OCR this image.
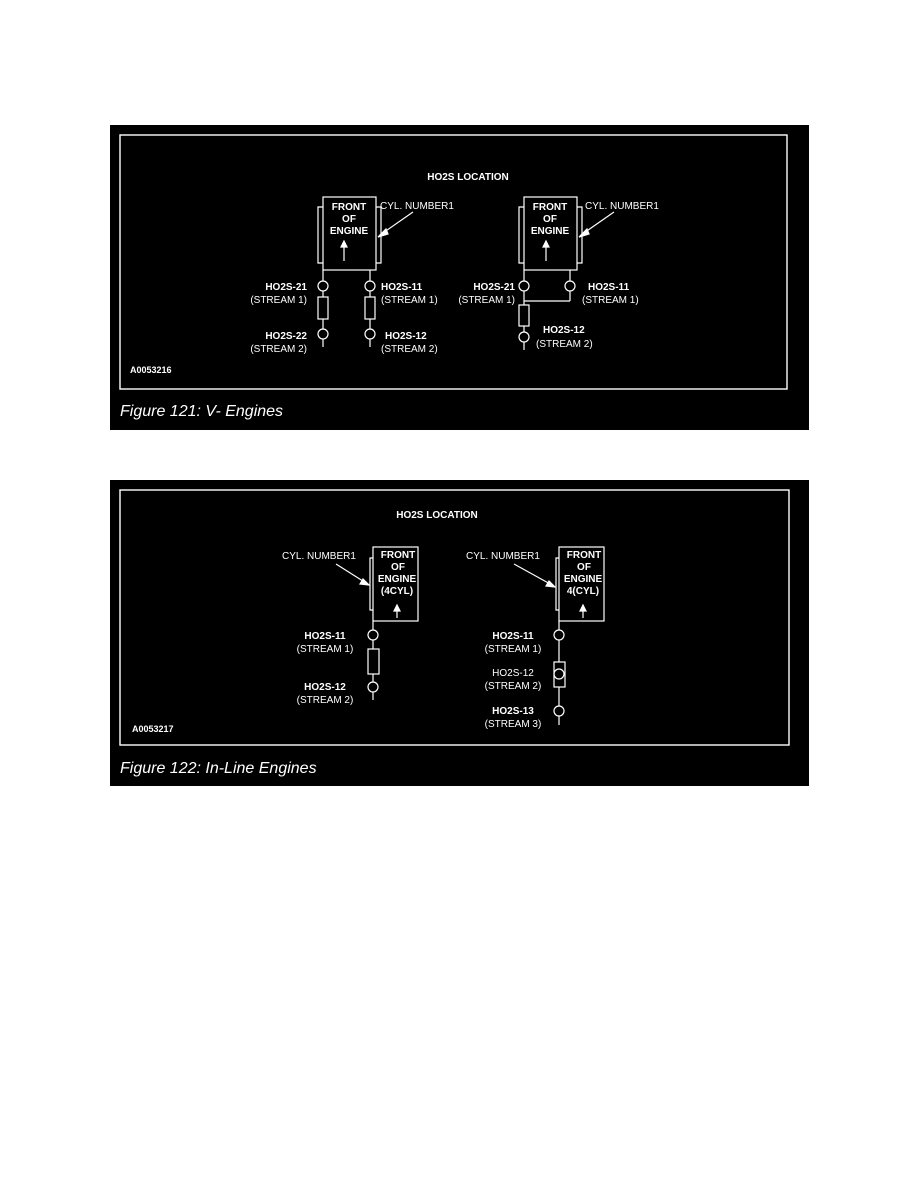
HO2S LOCATION
FRONT
OF
ENGINE
CYL. NUMBER1
HO2S-21
(STREAM 1)
HO2S-22
(STREAM 2)
HO2S-11
(STREAM 1)
HO2S-12
(STREAM 2)
FRONT
OF
ENGINE
CYL. NUMBER1
HO2S-21
(STREAM 1)
HO2S-11
(STREAM 1)
HO2S-12
(STREAM 2)
A0053216
Figure 121: V- Engines
HO2S LOCATION
FRONT
OF
ENGINE
(4CYL)
CYL. NUMBER1
HO2S-11
(STREAM 1)
HO2S-12
(STREAM 2)
FRONT
OF
ENGINE
4(CYL)
CYL. NUMBER1
HO2S-11
(STREAM 1)
HO2S-12
(STREAM 2)
HO2S-13
(STREAM 3)
A0053217
Figure 122: In-Line Engines
